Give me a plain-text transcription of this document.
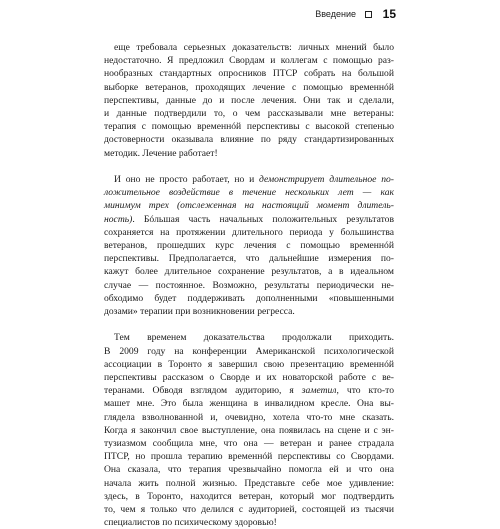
Введение 15
еще требовала серьезных доказательств: личных мнений было
недостаточно. Я предложил Свордам и коллегам с помощью раз-
нообразных стандартных опросников ПТСР собрать на большой
выборке ветеранов, проходящих лечение с помощью временнóй
перспективы, данные до и после лечения. Они так и сделали,
и данные подтвердили то, о чем рассказывали мне ветераны:
терапия с помощью временнóй перспективы с высокой степенью
достоверности оказывала влияние по ряду стандартизированных
методик. Лечение работает!
И оно не просто работает, но и демонстрирует длительное по-
ложительное воздействие в течение нескольких лет — как
минимум трех (отслеженная на настоящий момент длитель-
ность). Бóльшая часть начальных положительных результатов
сохраняется на протяжении длительного периода у большинства
ветеранов, прошедших курс лечения с помощью временнóй
перспективы. Предполагается, что дальнейшие измерения по-
кажут более длительное сохранение результатов, а в идеальном
случае — постоянное. Возможно, результаты периодически не-
обходимо будет поддерживать дополненными «повышенными
дозами» терапии при возникновении регресса.
Тем временем доказательства продолжали приходить.
В 2009 году на конференции Американской психологической
ассоциации в Торонто я завершил свою презентацию временнóй
перспективы рассказом о Сворде и их новаторской работе с ве-
теранами. Обводя взглядом аудиторию, я заметил, что кто-то
машет мне. Это была женщина в инвалидном кресле. Она вы-
глядела взволнованной и, очевидно, хотела что-то мне сказать.
Когда я закончил свое выступление, она появилась на сцене и с эн-
тузиазмом сообщила мне, что она — ветеран и ранее страдала
ПТСР, но прошла терапию временнóй перспективы со Свордами.
Она сказала, что терапия чрезвычайно помогла ей и что она
начала жить полной жизнью. Представьте себе мое удивление:
здесь, в Торонто, находится ветеран, который мог подтвердить
то, чем я только что делился с аудиторией, состоящей из тысячи
специалистов по психическому здоровью!
